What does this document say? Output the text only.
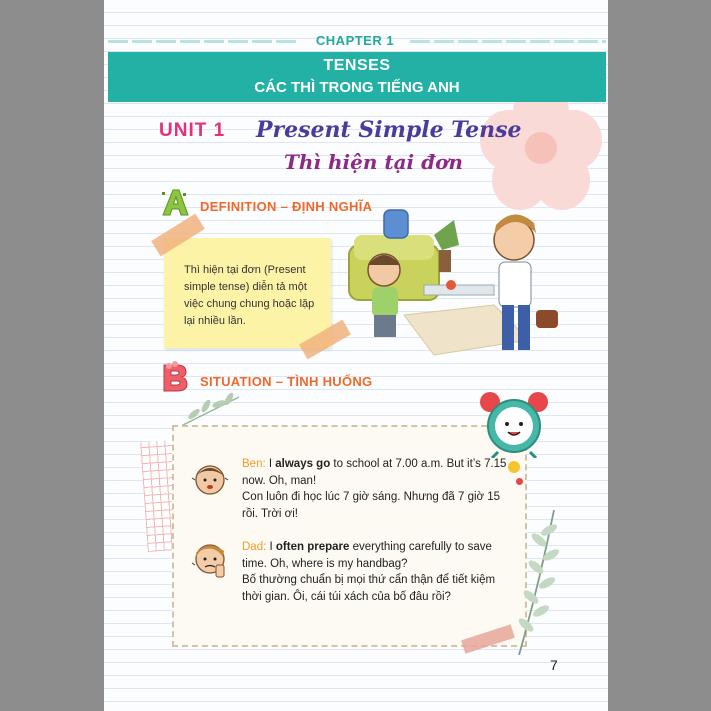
CHAPTER 1
TENSES
CÁC THÌ TRONG TIẾNG ANH
UNIT 1 Present Simple Tense
Thì hiện tại đơn
DEFINITION – ĐỊNH NGHĨA
Thì hiện tại đơn (Present simple tense) diễn tả một việc chung chung hoặc lặp lại nhiều lần.
SITUATION – TÌNH HUỐNG
Ben: I always go to school at 7.00 a.m. But it’s 7.15 now. Oh, man!
Con luôn đi học lúc 7 giờ sáng. Nhưng đã 7 giờ 15 rồi. Trời ơi!
Dad: I often prepare everything carefully to save time. Oh, where is my handbag?
Bố thường chuẩn bị mọi thứ cẩn thận để tiết kiệm thời gian. Ôi, cái túi xách của bố đâu rồi?
7
